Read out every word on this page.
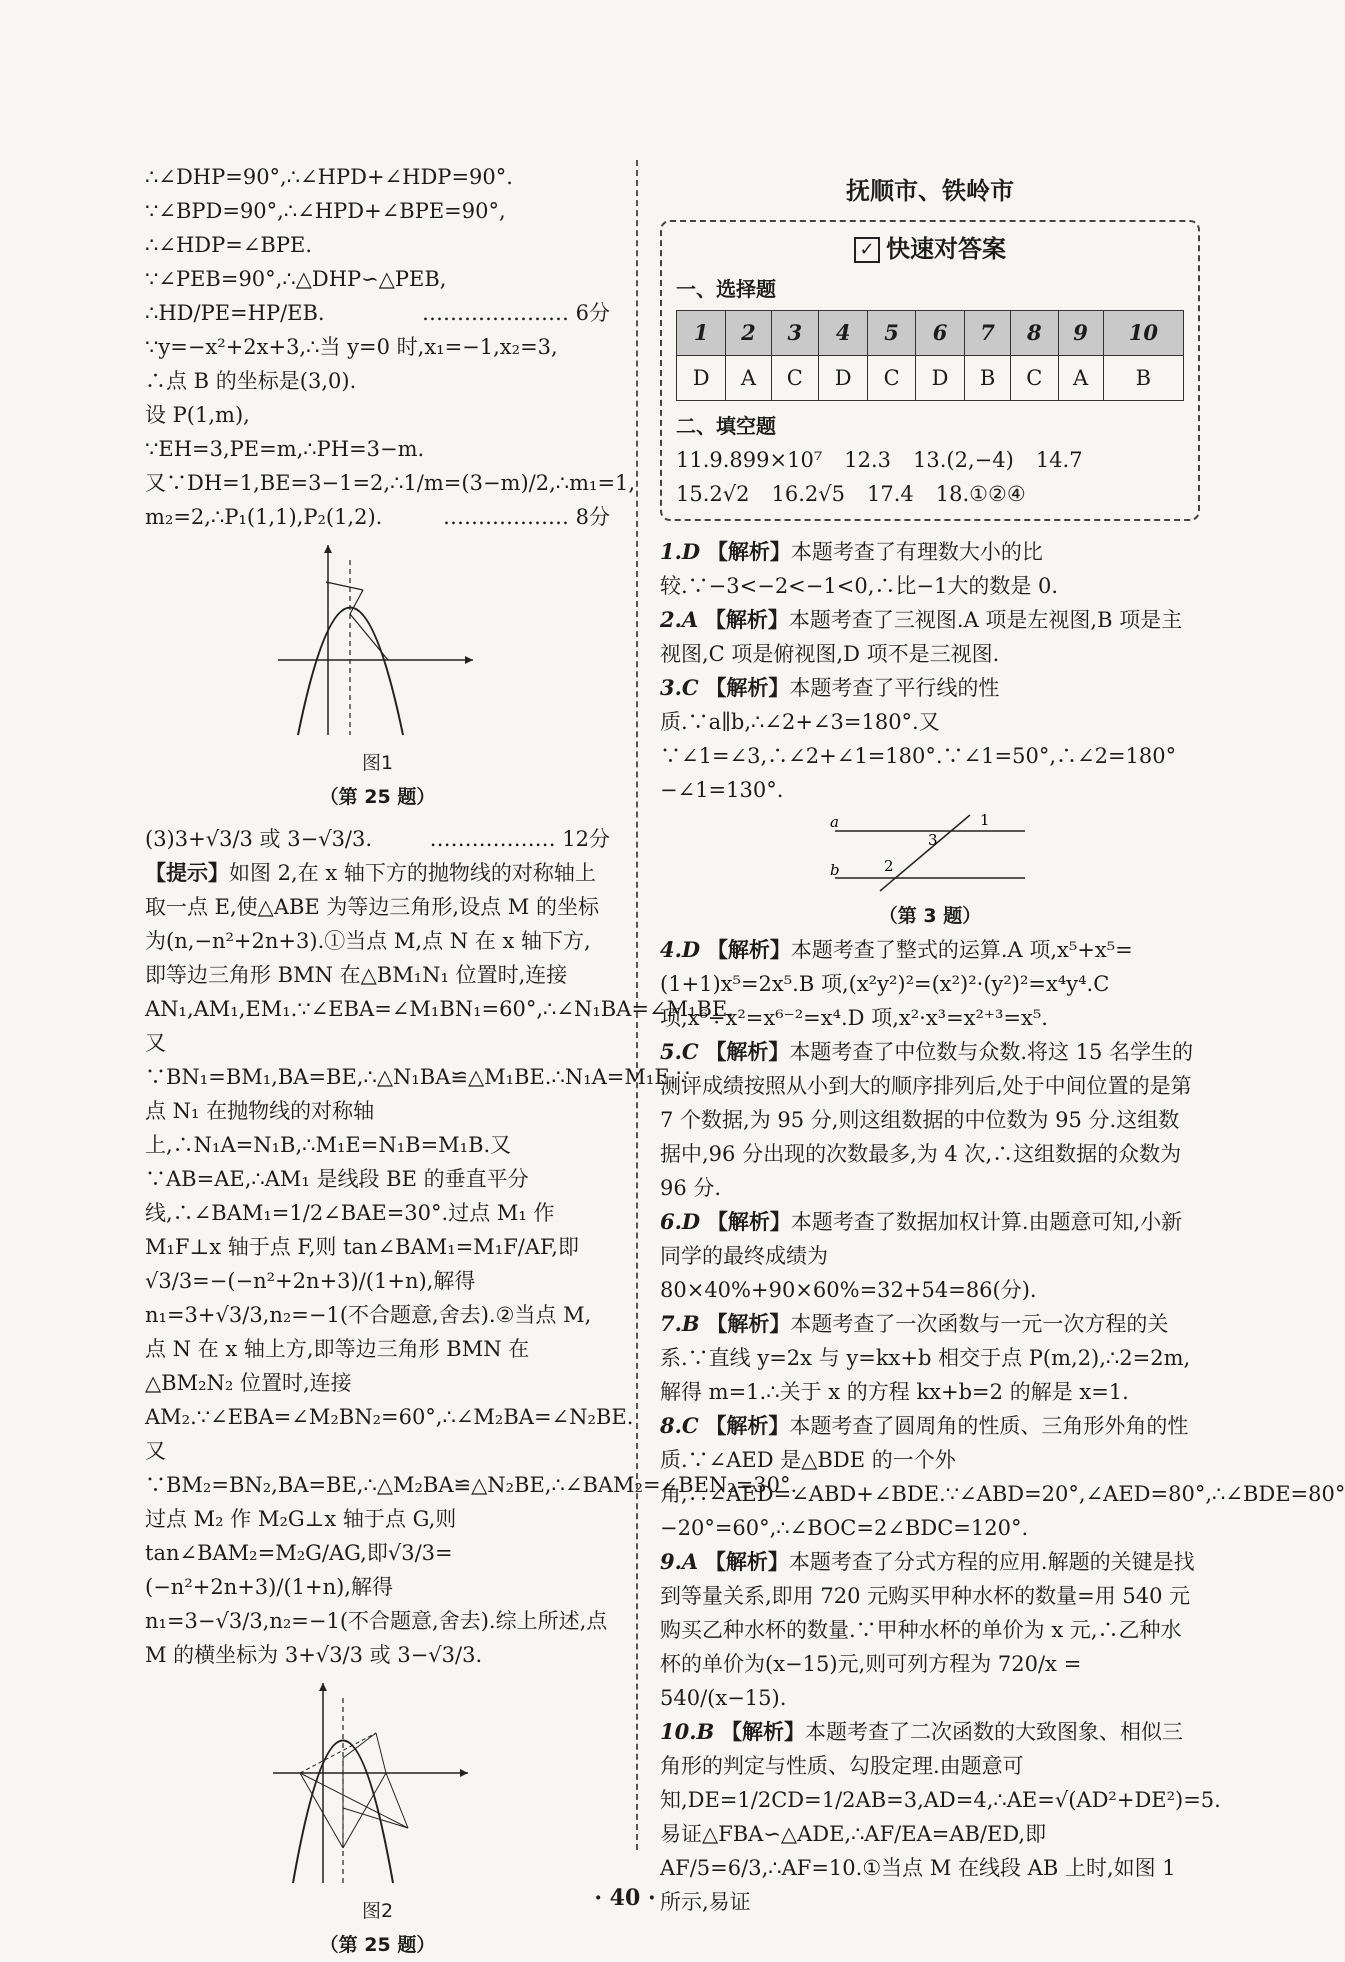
∴∠DHP=90°,∴∠HPD+∠HDP=90°.
∵∠BPD=90°,∴∠HPD+∠BPE=90°,
∴∠HDP=∠BPE.
∵∠PEB=90°,∴△DHP∽△PEB,
∴HD/PE=HP/EB.	………………… 6分
∵y=−x²+2x+3,∴当 y=0 时,x₁=−1,x₂=3,
∴点 B 的坐标是(3,0).
设 P(1,m),
∵EH=3,PE=m,∴PH=3−m.
又∵DH=1,BE=3−1=2,∴1/m=(3−m)/2,∴m₁=1,
m₂=2,∴P₁(1,1),P₂(1,2).	……………… 8分
图1
（第 25 题）
(3)3+√3/3 或 3−√3/3.	……………… 12分
【提示】如图 2,在 x 轴下方的抛物线的对称轴上取一点 E,使△ABE 为等边三角形,设点 M 的坐标为(n,−n²+2n+3).①当点 M,点 N 在 x 轴下方,即等边三角形 BMN 在△BM₁N₁ 位置时,连接 AN₁,AM₁,EM₁.∵∠EBA=∠M₁BN₁=60°,∴∠N₁BA=∠M₁BE.又∵BN₁=BM₁,BA=BE,∴△N₁BA≌△M₁BE.∴N₁A=M₁E.∵点 N₁ 在抛物线的对称轴上,∴N₁A=N₁B,∴M₁E=N₁B=M₁B.又∵AB=AE,∴AM₁ 是线段 BE 的垂直平分线,∴∠BAM₁=1/2∠BAE=30°.过点 M₁ 作 M₁F⊥x 轴于点 F,则 tan∠BAM₁=M₁F/AF,即√3/3=−(−n²+2n+3)/(1+n),解得 n₁=3+√3/3,n₂=−1(不合题意,舍去).②当点 M,点 N 在 x 轴上方,即等边三角形 BMN 在△BM₂N₂ 位置时,连接 AM₂.∵∠EBA=∠M₂BN₂=60°,∴∠M₂BA=∠N₂BE.又∵BM₂=BN₂,BA=BE,∴△M₂BA≌△N₂BE,∴∠BAM₂=∠BEN₂=30°.过点 M₂ 作 M₂G⊥x 轴于点 G,则 tan∠BAM₂=M₂G/AG,即√3/3=(−n²+2n+3)/(1+n),解得 n₁=3−√3/3,n₂=−1(不合题意,舍去).综上所述,点 M 的横坐标为 3+√3/3 或 3−√3/3.
图2
（第 25 题）
抚顺市、铁岭市
✓ 快速对答案
一、选择题
1	2	3	4	5	6	7	8	9	10
D	A	C	D	C	D	B	C	A	B
二、填空题
11.9.899×10⁷ 12.3 13.(2,−4) 14.7
15.2√2 16.2√5 17.4 18.①②④
1.D 【解析】本题考查了有理数大小的比较.∵−3<−2<−1<0,∴比−1大的数是 0.
2.A 【解析】本题考查了三视图.A 项是左视图,B 项是主视图,C 项是俯视图,D 项不是三视图.
3.C 【解析】本题考查了平行线的性质.∵a∥b,∴∠2+∠3=180°.又∵∠1=∠3,∴∠2+∠1=180°.∵∠1=50°,∴∠2=180°−∠1=130°.
a
b
1
3
2
（第 3 题）
4.D 【解析】本题考查了整式的运算.A 项,x⁵+x⁵=(1+1)x⁵=2x⁵.B 项,(x²y²)²=(x²)²·(y²)²=x⁴y⁴.C 项,x⁶÷x²=x⁶⁻²=x⁴.D 项,x²·x³=x²⁺³=x⁵.
5.C 【解析】本题考查了中位数与众数.将这 15 名学生的测评成绩按照从小到大的顺序排列后,处于中间位置的是第 7 个数据,为 95 分,则这组数据的中位数为 95 分.这组数据中,96 分出现的次数最多,为 4 次,∴这组数据的众数为 96 分.
6.D 【解析】本题考查了数据加权计算.由题意可知,小新同学的最终成绩为 80×40%+90×60%=32+54=86(分).
7.B 【解析】本题考查了一次函数与一元一次方程的关系.∵直线 y=2x 与 y=kx+b 相交于点 P(m,2),∴2=2m,解得 m=1.∴关于 x 的方程 kx+b=2 的解是 x=1.
8.C 【解析】本题考查了圆周角的性质、三角形外角的性质.∵∠AED 是△BDE 的一个外角,∴∠AED=∠ABD+∠BDE.∵∠ABD=20°,∠AED=80°,∴∠BDE=80°−20°=60°,∴∠BOC=2∠BDC=120°.
9.A 【解析】本题考查了分式方程的应用.解题的关键是找到等量关系,即用 720 元购买甲种水杯的数量=用 540 元购买乙种水杯的数量.∵甲种水杯的单价为 x 元,∴乙种水杯的单价为(x−15)元,则可列方程为 720/x = 540/(x−15).
10.B 【解析】本题考查了二次函数的大致图象、相似三角形的判定与性质、勾股定理.由题意可知,DE=1/2CD=1/2AB=3,AD=4,∴AE=√(AD²+DE²)=5.易证△FBA∽△ADE,∴AF/EA=AB/ED,即 AF/5=6/3,∴AF=10.①当点 M 在线段 AB 上时,如图 1 所示,易证
· 40 ·
